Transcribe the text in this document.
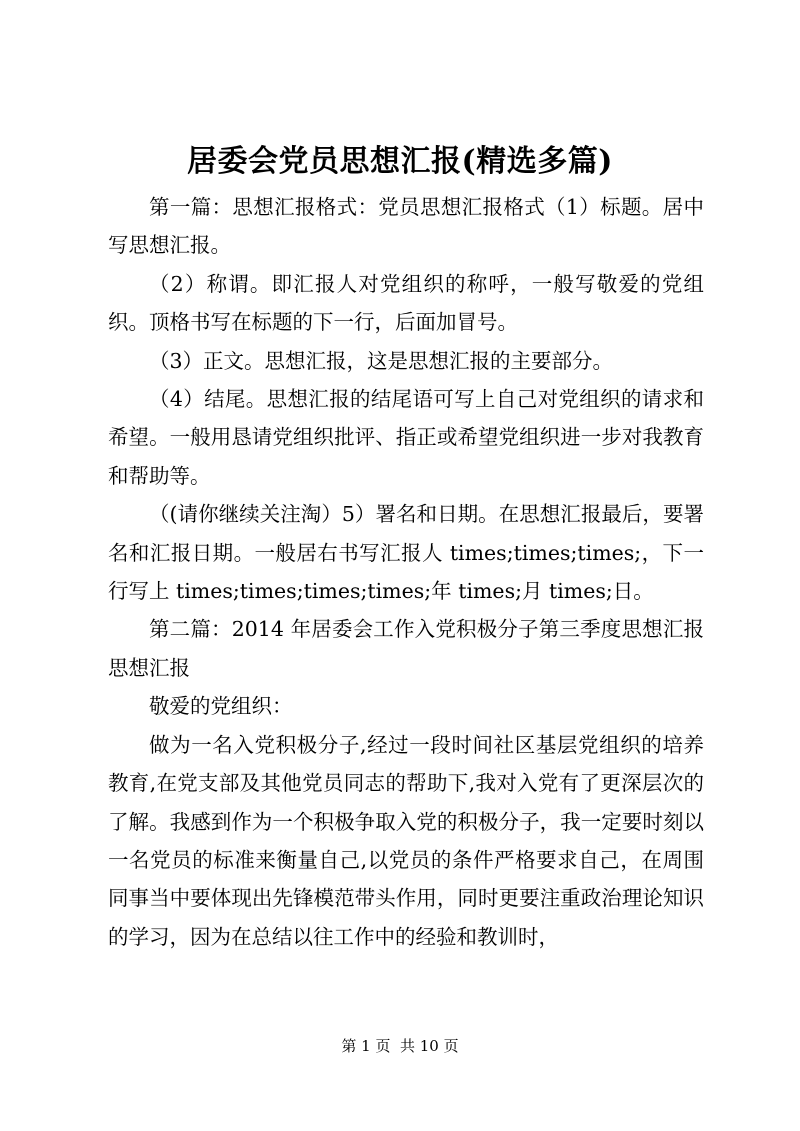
居委会党员思想汇报(精选多篇)

第一篇：思想汇报格式：党员思想汇报格式（1）标题。居中写思想汇报。

（2）称谓。即汇报人对党组织的称呼，一般写敬爱的党组织。顶格书写在标题的下一行，后面加冒号。

（3）正文。思想汇报，这是思想汇报的主要部分。

（4）结尾。思想汇报的结尾语可写上自己对党组织的请求和希望。一般用恳请党组织批评、指正或希望党组织进一步对我教育和帮助等。

（(请你继续关注淘）5）署名和日期。在思想汇报最后，要署名和汇报日期。一般居右书写汇报人 times;times;times;，下一行写上 times;times;times;times;年 times;月 times;日。

第二篇：2014 年居委会工作入党积极分子第三季度思想汇报思想汇报

敬爱的党组织：

做为一名入党积极分子,经过一段时间社区基层党组织的培养教育,在党支部及其他党员同志的帮助下,我对入党有了更深层次的了解。我感到作为一个积极争取入党的积极分子，我一定要时刻以一名党员的标准来衡量自己,以党员的条件严格要求自己，在周围同事当中要体现出先锋模范带头作用，同时更要注重政治理论知识的学习，因为在总结以往工作中的经验和教训时，

第 1 页  共 10 页
